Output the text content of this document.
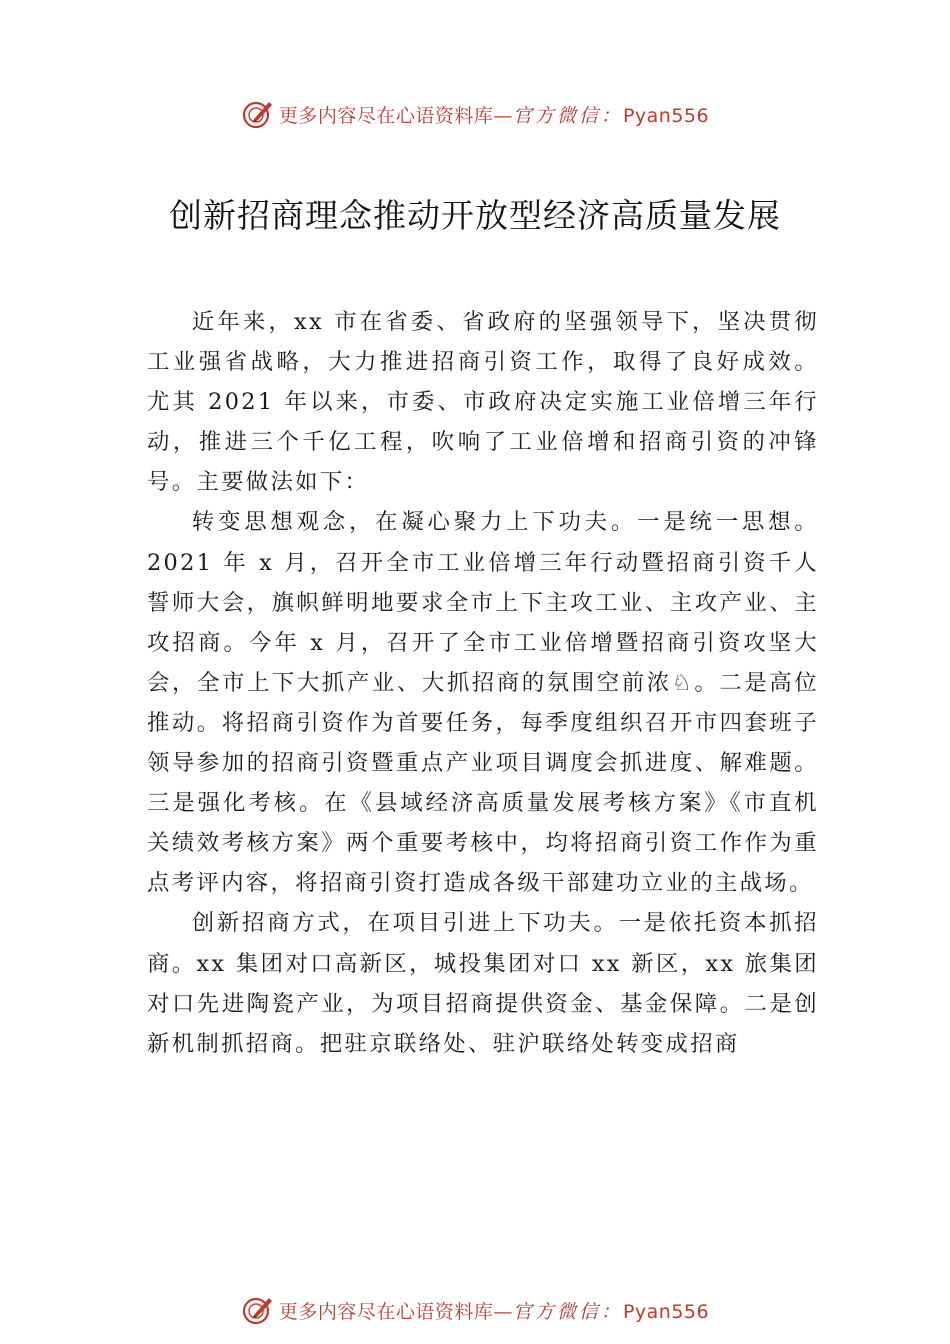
更多内容尽在心语资料库—官方微信：Pyan556
创新招商理念推动开放型经济高质量发展

近年来，xx 市在省委、省政府的坚强领导下，坚决贯彻工业强省战略，大力推进招商引资工作，取得了良好成效。 尤其 2021 年以来，市委、市政府决定实施工业倍增三年行动，推进三个千亿工程，吹响了工业倍增和招商引资的冲锋号。主要做法如下：

转变思想观念，在凝心聚力上下功夫。一是统一思想。2021 年 x 月，召开全市工业倍增三年行动暨招商引资千人誓师大会，旗帜鲜明地要求全市上下主攻工业、主攻产业、主攻招商。今年 x 月，召开了全市工业倍增暨招商引资攻坚大会，全市上下大抓产业、大抓招商的氛围空前浓♘。二是高位推动。将招商引资作为首要任务，每季度组织召开市四套班子领导参加的招商引资暨重点产业项目调度会抓进度、解难题。三是强化考核。在《县域经济高质量发展考核方案》《市直机关绩效考核方案》两个重要考核中，均将招商引资工作作为重点考评内容，将招商引资打造成各级干部建功立业的主战场。

创新招商方式，在项目引进上下功夫。一是依托资本抓招商。xx 集团对口高新区，城投集团对口 xx 新区，xx 旅集团对口先进陶瓷产业，为项目招商提供资金、基金保障。二是创新机制抓招商。把驻京联络处、驻沪联络处转变成招商

更多内容尽在心语资料库—官方微信：Pyan556
